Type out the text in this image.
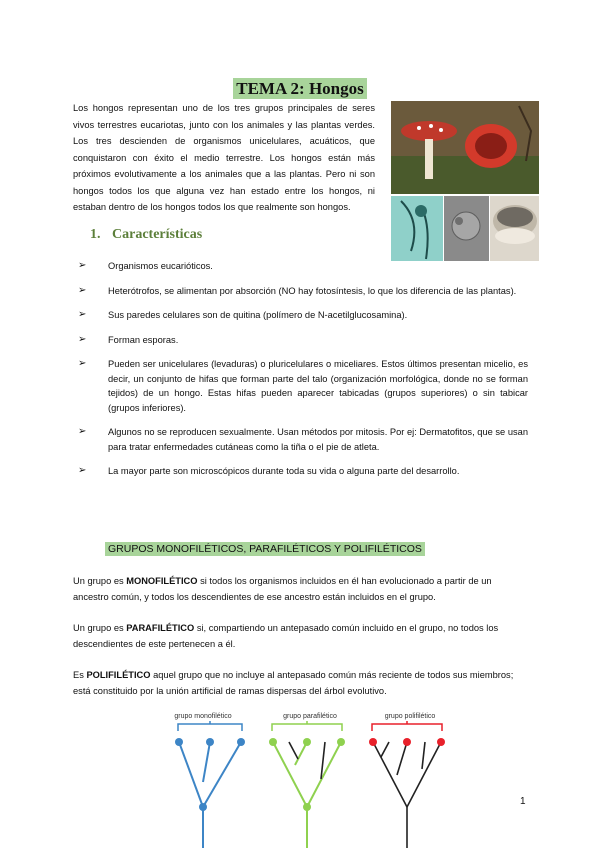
TEMA 2: Hongos
Los hongos representan uno de los tres grupos principales de seres vivos terrestres eucariotas, junto con los animales y las plantas verdes. Los tres descienden de organismos unicelulares, acuáticos, que conquistaron con éxito el medio terrestre. Los hongos están más próximos evolutivamente a los animales que a las plantas. Pero ni son hongos todos los que alguna vez han estado entre los hongos, ni estaban dentro de los hongos todos los que realmente son hongos.
1. Características
➢ Organismos eucarióticos.
➢ Heterótrofos, se alimentan por absorción (NO hay fotosíntesis, lo que los diferencia de las plantas).
➢ Sus paredes celulares son de quitina (polímero de N-acetilglucosamina).
➢ Forman esporas.
➢ Pueden ser unicelulares (levaduras) o pluricelulares o miceliares. Estos últimos presentan micelio, es decir, un conjunto de hifas que forman parte del talo (organización morfológica, donde no se forman tejidos) de un hongo. Estas hifas pueden aparecer tabicadas (grupos superiores) o sin tabicar (grupos inferiores).
➢ Algunos no se reproducen sexualmente. Usan métodos por mitosis. Por ej: Dermatofitos, que se usan para tratar enfermedades cutáneas como la tiña o el pie de atleta.
➢ La mayor parte son microscópicos durante toda su vida o alguna parte del desarrollo.
GRUPOS MONOFILÉTICOS, PARAFILÉTICOS Y POLIFILÉTICOS
Un grupo es MONOFILÉTICO si todos los organismos incluidos en él han evolucionado a partir de un ancestro común, y todos los descendientes de ese ancestro están incluidos en el grupo.
Un grupo es PARAFILÉTICO si, compartiendo un antepasado común incluido en el grupo, no todos los descendientes de este pertenecen a él.
Es POLIFILÉTICO aquel grupo que no incluye al antepasado común más reciente de todos sus miembros; está constituido por la unión artificial de ramas dispersas del árbol evolutivo.
grupo monofilético	grupo parafilético	grupo polifilético
1
